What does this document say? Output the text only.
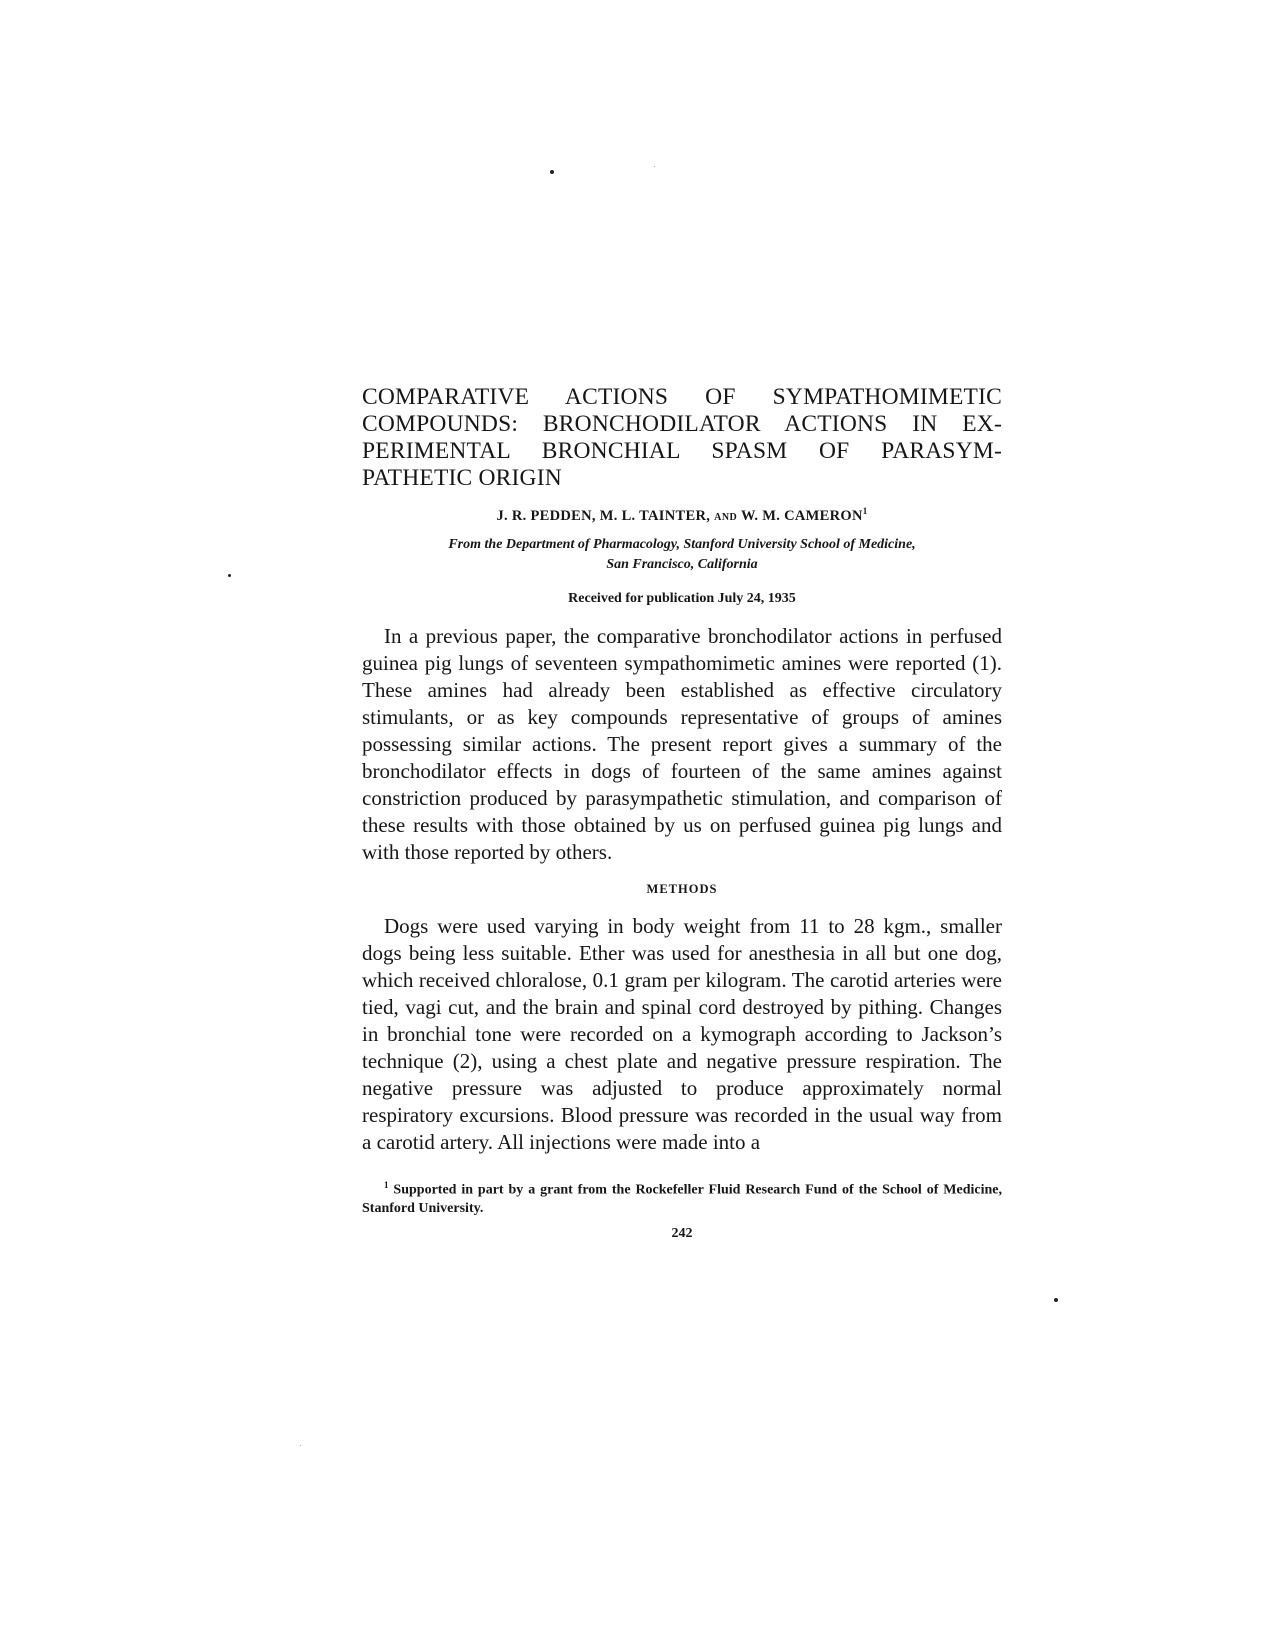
COMPARATIVE ACTIONS OF SYMPATHOMIMETIC
COMPOUNDS: BRONCHODILATOR ACTIONS IN EX-
PERIMENTAL BRONCHIAL SPASM OF PARASYM-
PATHETIC ORIGIN

J. R. PEDDEN, M. L. TAINTER, AND W. M. CAMERON$^1$

From the Department of Pharmacology, Stanford University School of Medicine,
San Francisco, California

Received for publication July 24, 1935

In a previous paper, the comparative bronchodilator actions in perfused guinea pig lungs of seventeen sympathomimetic amines were reported (1). These amines had already been established as effective circulatory stimulants, or as key compounds representative of groups of amines possessing similar actions. The present report gives a summary of the bronchodilator effects in dogs of fourteen of the same amines against constriction produced by parasympathetic stimulation, and comparison of these results with those obtained by us on perfused guinea pig lungs and with those reported by others.

METHODS

Dogs were used varying in body weight from 11 to 28 kgm., smaller dogs being less suitable. Ether was used for anesthesia in all but one dog, which received chloralose, 0.1 gram per kilogram. The carotid arteries were tied, vagi cut, and the brain and spinal cord destroyed by pithing. Changes in bronchial tone were recorded on a kymograph according to Jackson’s technique (2), using a chest plate and negative pressure respiration. The negative pressure was adjusted to produce approximately normal respiratory excursions. Blood pressure was recorded in the usual way from a carotid artery. All injections were made into a

$^1$ Supported in part by a grant from the Rockefeller Fluid Research Fund of the School of Medicine, Stanford University.

242
